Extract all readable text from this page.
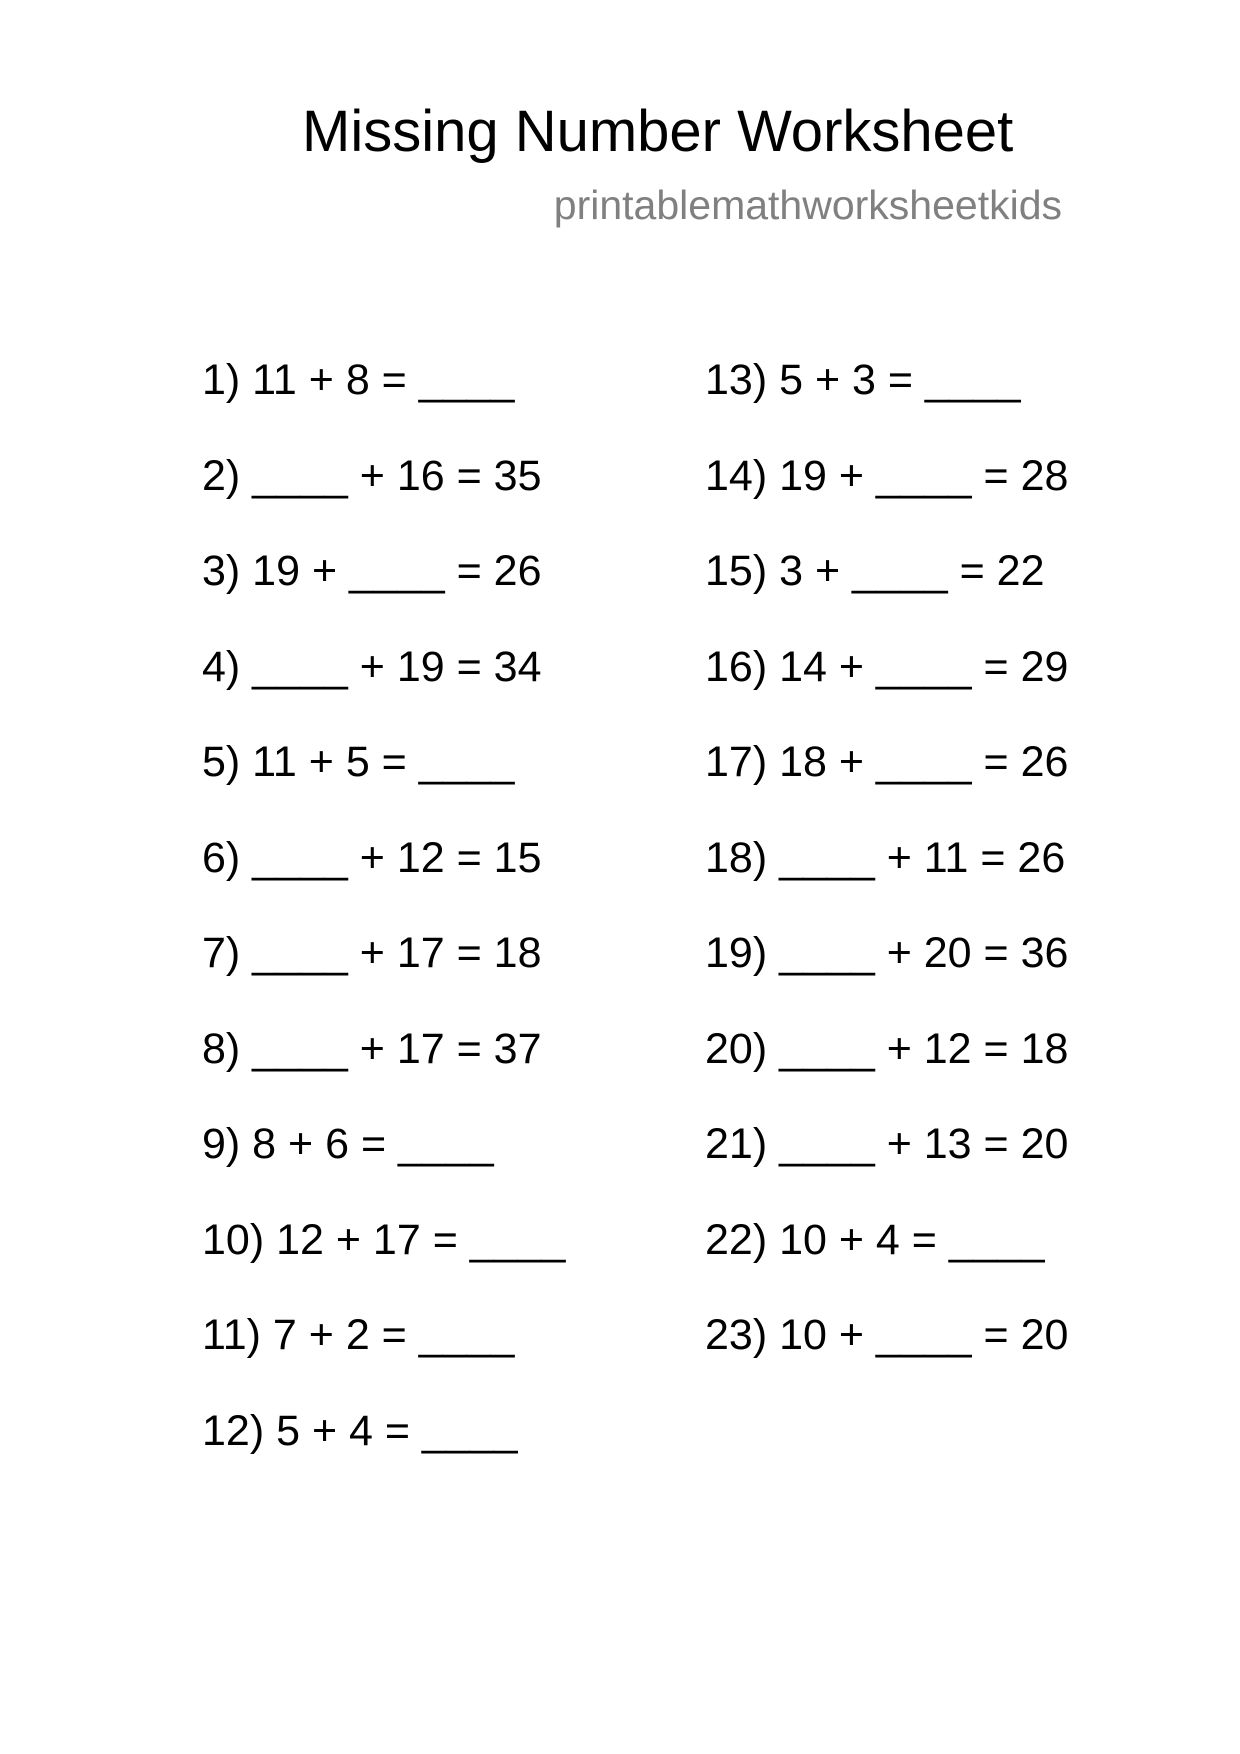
Missing Number Worksheet
printablemathworksheetkids
1) 11 + 8 = ____
2) ____ + 16 = 35
3) 19 + ____ = 26
4) ____ + 19 = 34
5) 11 + 5 = ____
6) ____ + 12 = 15
7) ____ + 17 = 18
8) ____ + 17 = 37
9) 8 + 6 = ____
10) 12 + 17 = ____
11) 7 + 2 = ____
12) 5 + 4 = ____
13) 5 + 3 = ____
14) 19 + ____ = 28
15) 3 + ____ = 22
16) 14 + ____ = 29
17) 18 + ____ = 26
18) ____ + 11 = 26
19) ____ + 20 = 36
20) ____ + 12 = 18
21) ____ + 13 = 20
22) 10 + 4 = ____
23) 10 + ____ = 20
